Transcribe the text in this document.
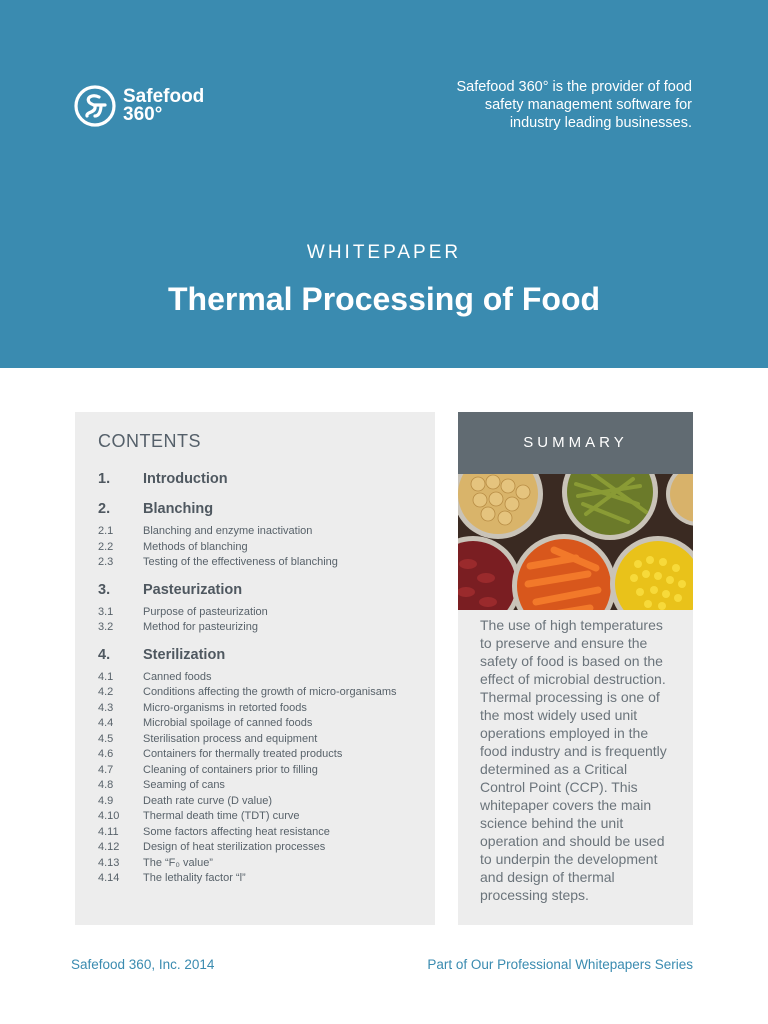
Safefood
360°
Safefood 360° is the provider of food
safety management software for
industry leading businesses.
WHITEPAPER
Thermal Processing of Food
CONTENTS
1.	Introduction
2.	Blanching
2.1	Blanching and enzyme inactivation
2.2	Methods of blanching
2.3	Testing of the effectiveness of blanching
3.	Pasteurization
3.1	Purpose of pasteurization
3.2	Method for pasteurizing
4.	Sterilization
4.1	Canned foods
4.2	Conditions affecting the growth of micro-organisams
4.3	Micro-organisms in retorted foods
4.4	Microbial spoilage of canned foods
4.5	Sterilisation process and equipment
4.6	Containers for thermally treated products
4.7	Cleaning of containers prior to filling
4.8	Seaming of cans
4.9	Death rate curve (D value)
4.10	Thermal death time (TDT) curve
4.11	Some factors affecting heat resistance
4.12	Design of heat sterilization processes
4.13	The “F₀ value”
4.14	The lethality factor “l”
SUMMARY

The use of high temperatures to preserve and ensure the safety of food is based on the effect of microbial destruction. Thermal processing is one of the most widely used unit operations employed in the food industry and is frequently determined as a Critical Control Point (CCP). This whitepaper covers the main science behind the unit operation and should be used to underpin the development and design of thermal processing steps.

Safefood 360, Inc. 2014	Part of Our Professional Whitepapers Series
